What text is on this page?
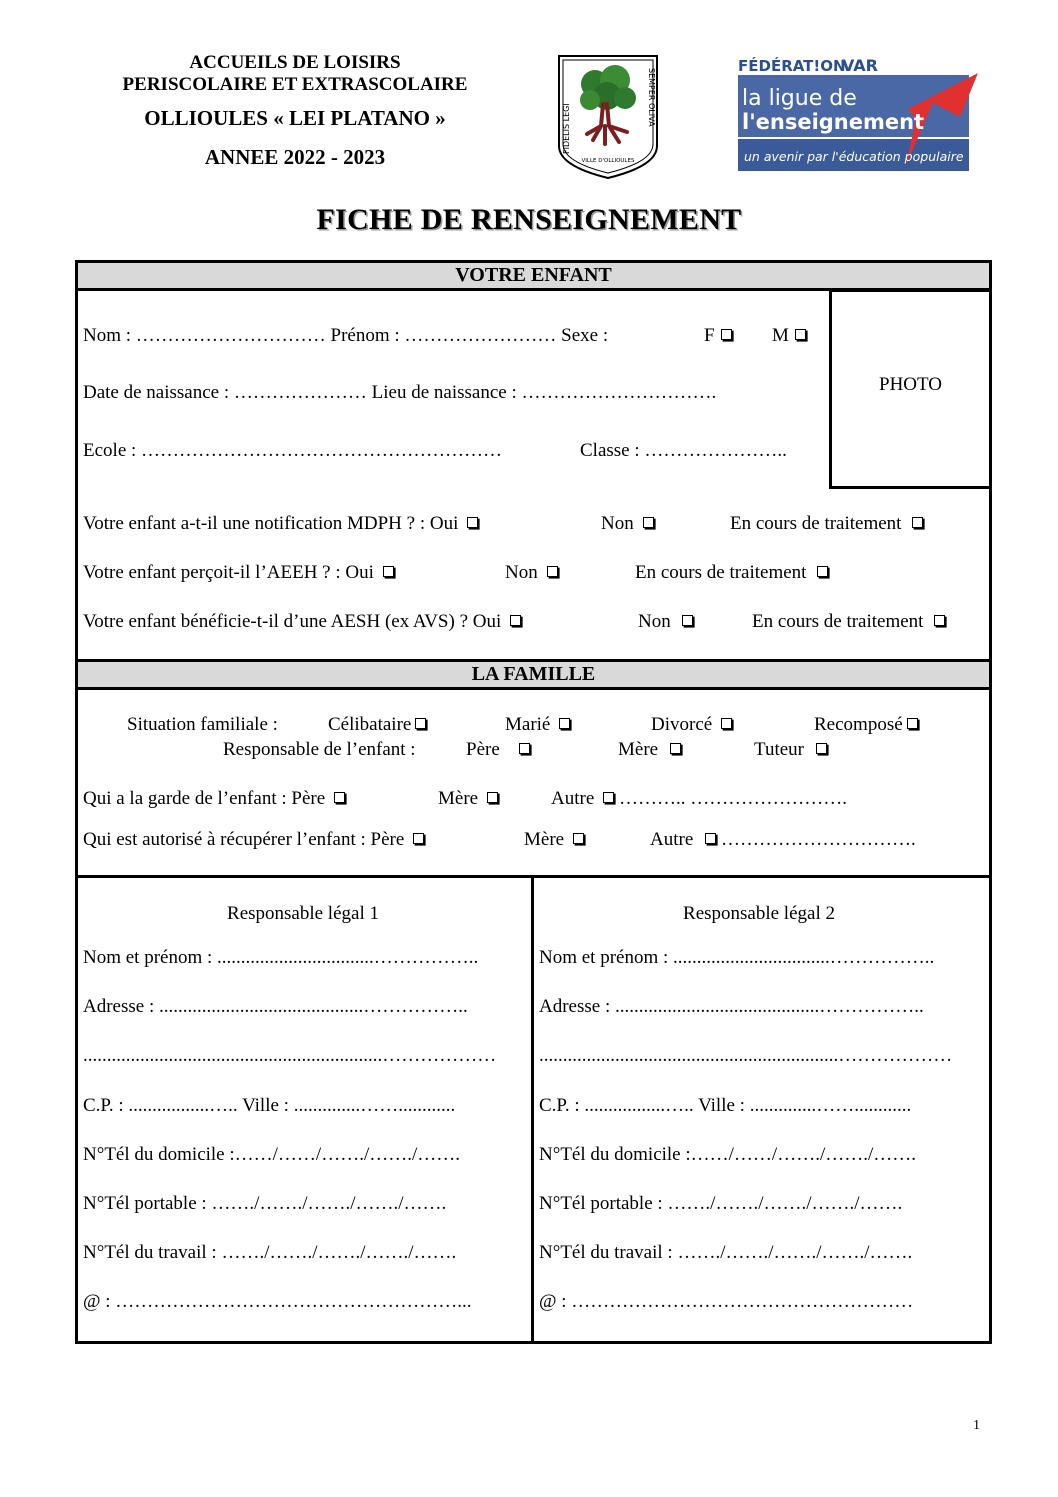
ACCUEILS DE LOISIRS
PERISCOLAIRE ET EXTRASCOLAIRE
OLLIOULES « LEI PLATANO »
ANNEE 2022 - 2023
FIDELIS LEGI
SEMPER OLIVA
VILLE D'OLLIOULES
FÉDÉRAT!ON
VAR
la ligue de
l'enseignement
un avenir par l'éducation populaire
FICHE DE RENSEIGNEMENT
VOTRE ENFANT
PHOTO
Nom : ………………………… Prénom : …………………… Sexe :	F	M
Date de naissance : ………………… Lieu de naissance : ………………………….
Ecole : …………………………………………………	Classe : …………………..
Votre enfant a-t-il une notification MDPH ? : Oui	Non	En cours de traitement
Votre enfant perçoit-il l’AEEH ? : Oui	Non	En cours de traitement
Votre enfant bénéficie-t-il d’une AESH (ex AVS) ? Oui	Non	En cours de traitement
LA FAMILLE
Situation familiale :	Célibataire	Marié	Divorcé	Recomposé
Responsable de l’enfant :	Père	Mère	Tuteur
Qui a la garde de l’enfant : Père	Mère	Autre ……….. …………………….
Qui est autorisé à récupérer l’enfant : Père	Mère	Autre ………………………….
Responsable légal 1
Nom et prénom : .................................……………..
Adresse : ...........................................……………..
...............................................................………………
C.P. : .................….. Ville : ..............……............
N°Tél du domicile :……/……/……./……./…….
N°Tél portable : ……./……./……./……./…….
N°Tél du travail : ……./……./……./……./…….
@ : ………………………………………………...
Responsable légal 2
Nom et prénom : .................................……………..
Adresse : ...........................................……………..
...............................................................………………
C.P. : .................….. Ville : ..............……............
N°Tél du domicile :……/……/……./……./…….
N°Tél portable : ……./……./……./……./…….
N°Tél du travail : ……./……./……./……./…….
@ : ………………………………………………
1
